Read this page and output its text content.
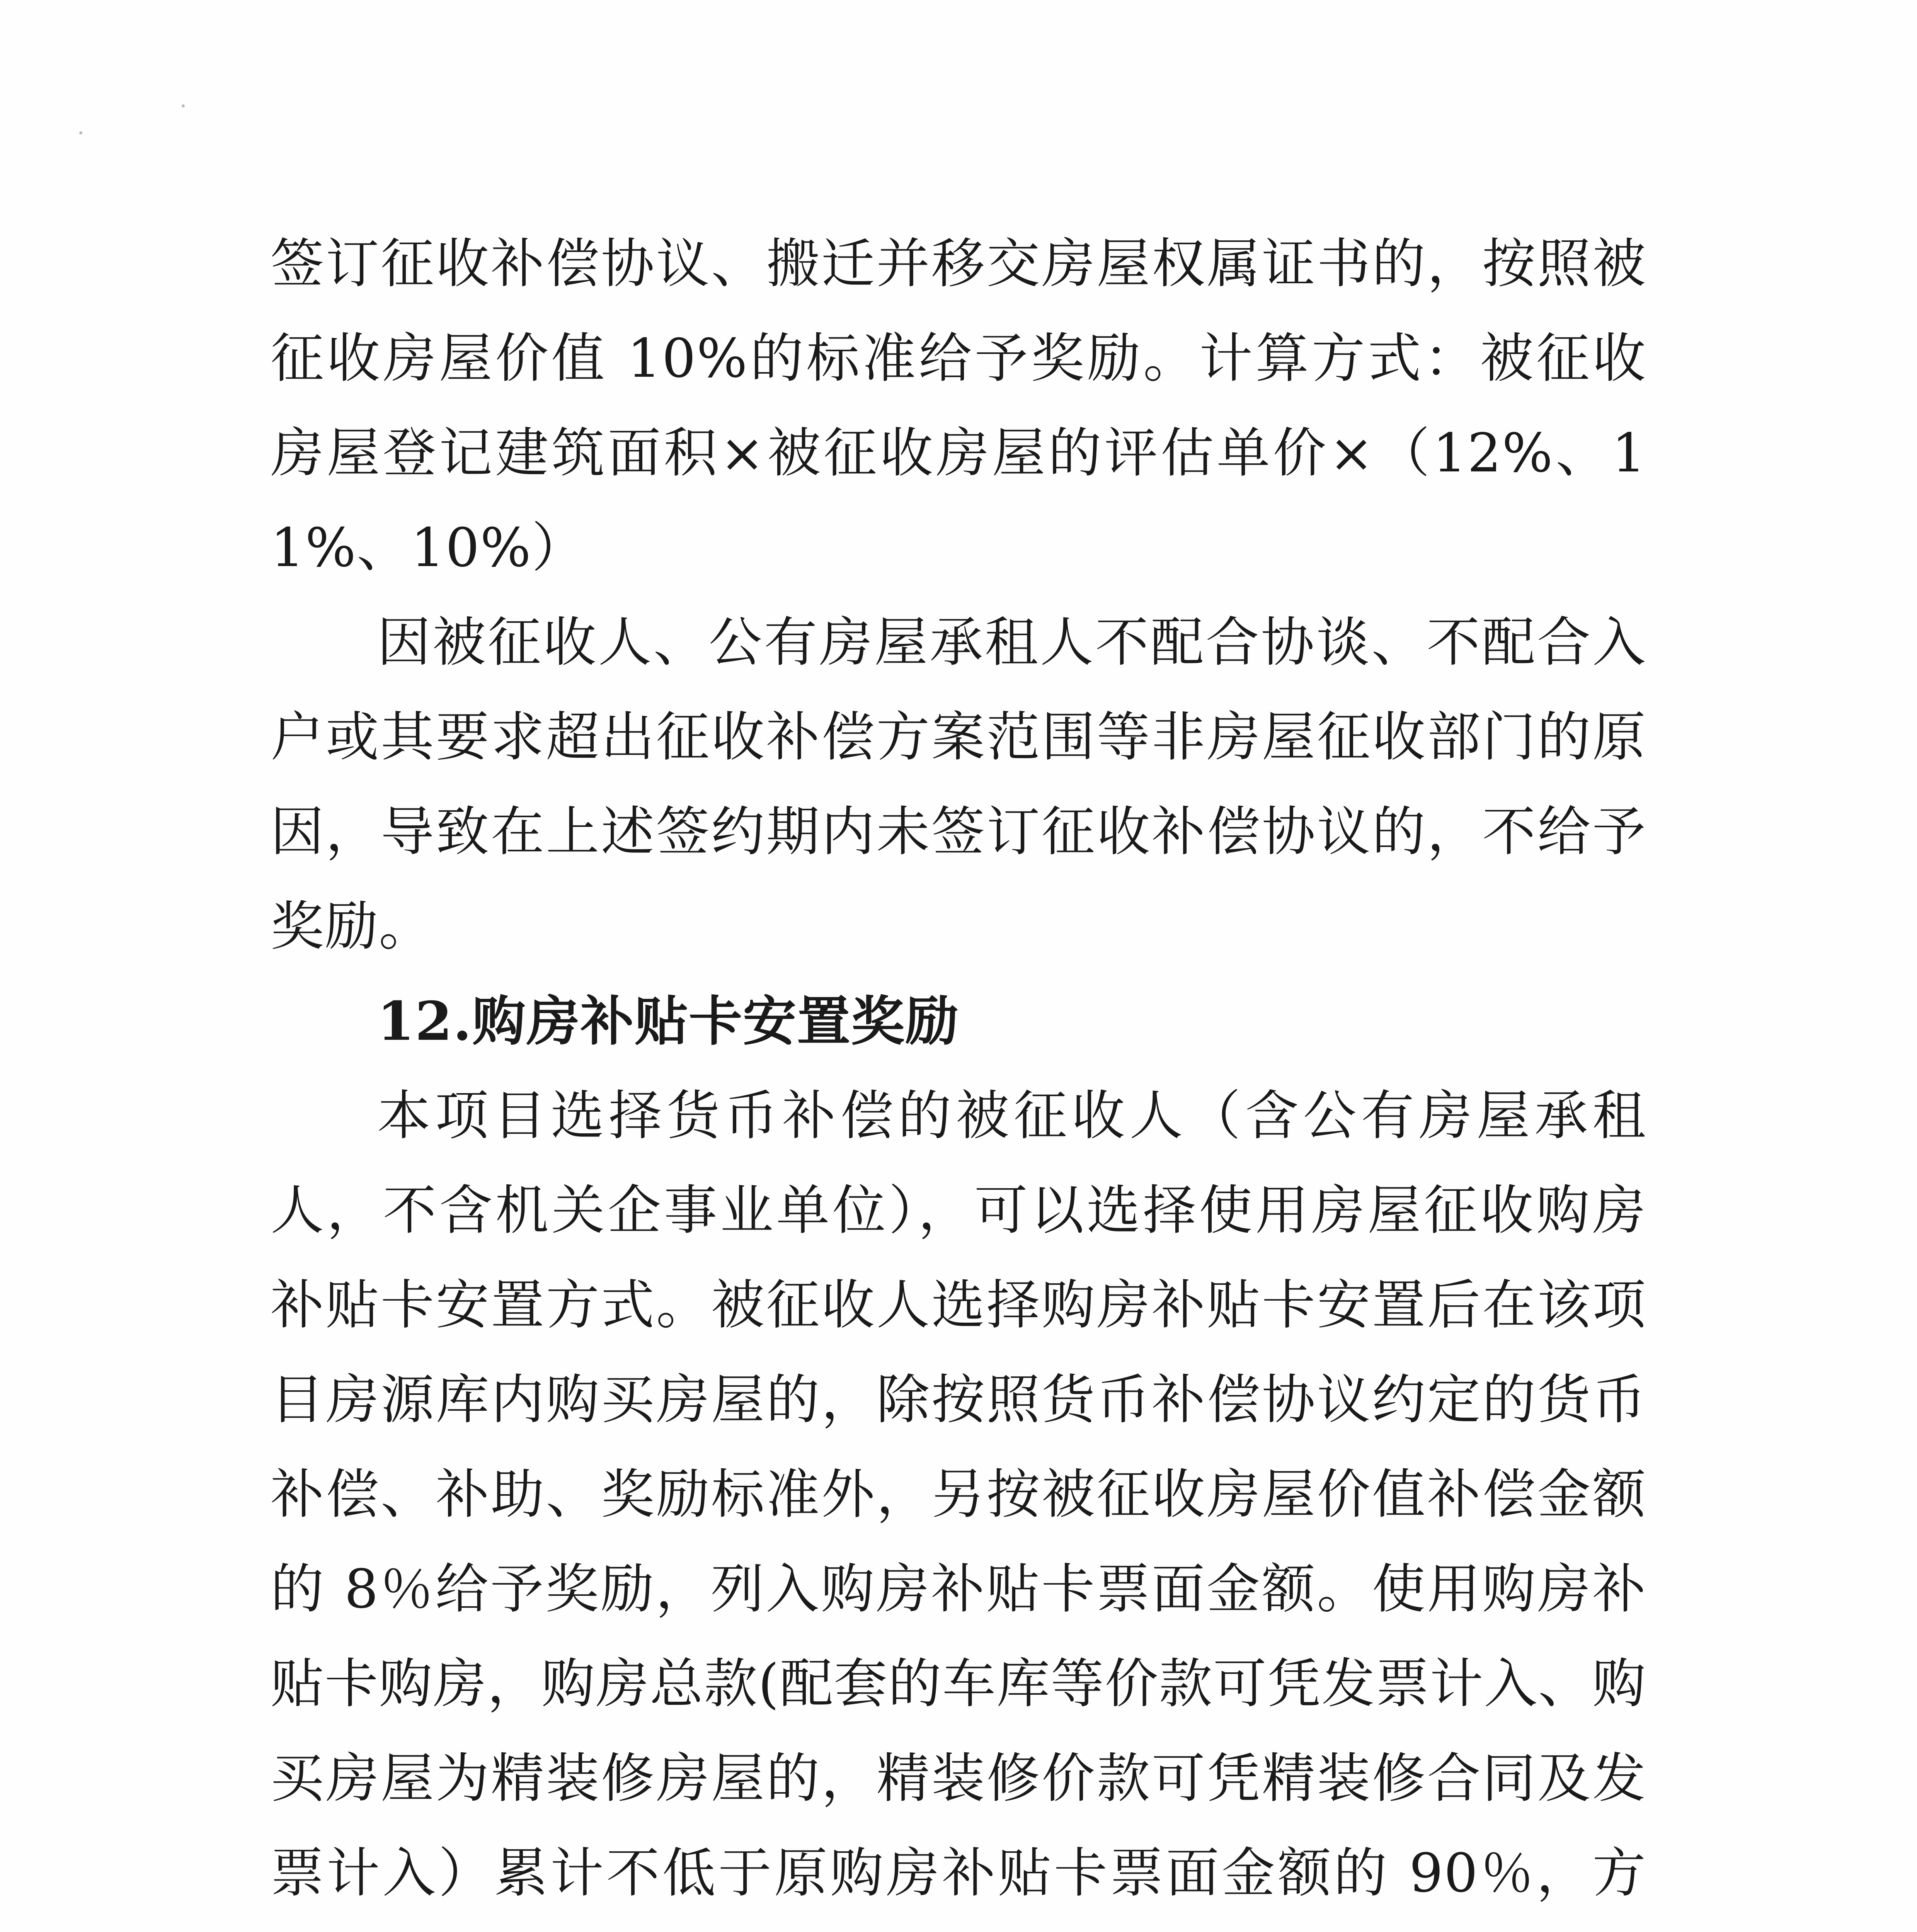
签订征收补偿协议、搬迁并移交房屋权属证书的，按照被征收房屋价值 10%的标准给予奖励。计算方式：被征收房屋登记建筑面积×被征收房屋的评估单价×（12%、11%、10%）

因被征收人、公有房屋承租人不配合协谈、不配合入户或其要求超出征收补偿方案范围等非房屋征收部门的原因，导致在上述签约期内未签订征收补偿协议的，不给予奖励。

12.购房补贴卡安置奖励

本项目选择货币补偿的被征收人（含公有房屋承租人，不含机关企事业单位），可以选择使用房屋征收购房补贴卡安置方式。被征收人选择购房补贴卡安置后在该项目房源库内购买房屋的，除按照货币补偿协议约定的货币补偿、补助、奖励标准外，另按被征收房屋价值补偿金额的 8％给予奖励，列入购房补贴卡票面金额。使用购房补贴卡购房，购房总款(配套的车库等价款可凭发票计入、购买房屋为精装修房屋的，精装修价款可凭精装修合同及发票计入）累计不低于原购房补贴卡票面金额的 90％，方
